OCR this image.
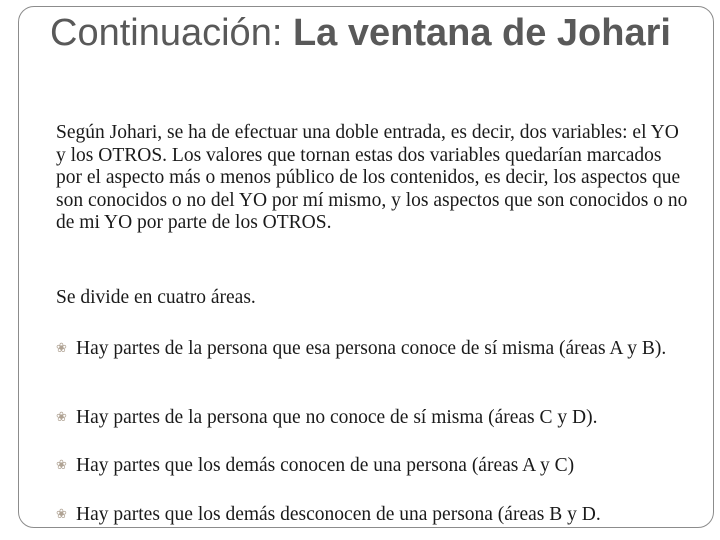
Continuación: La ventana de Johari

Según Johari, se ha de efectuar una doble entrada, es decir, dos variables: el YO y los OTROS. Los valores que tornan estas dos variables quedarían marcados por el aspecto más o menos público de los contenidos, es decir, los aspectos que son conocidos o no del YO por mí mismo, y los aspectos que son conocidos o no de mi YO por parte de los OTROS.

Se divide en cuatro áreas.

❀ Hay partes de la persona que esa persona conoce de sí misma (áreas A y B).

❀ Hay partes de la persona que no conoce de sí misma (áreas C y D).

❀ Hay partes que los demás conocen de una persona (áreas A y C)

❀ Hay partes que los demás desconocen de una persona (áreas B y D.
